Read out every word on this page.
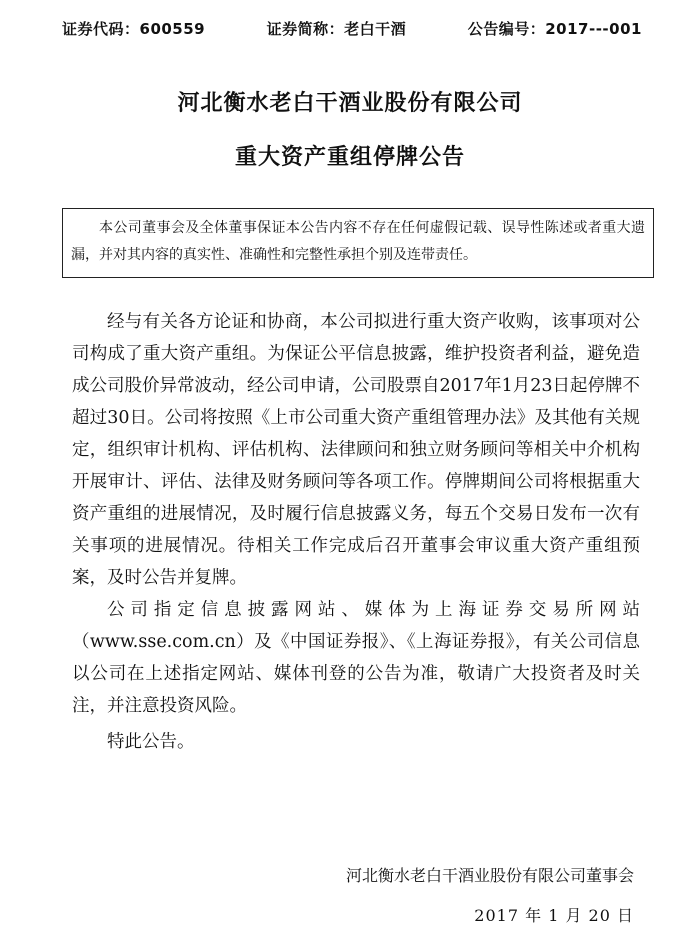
证券代码：600559	证券简称：老白干酒	公告编号：2017---001
河北衡水老白干酒业股份有限公司
重大资产重组停牌公告
本公司董事会及全体董事保证本公告内容不存在任何虚假记载、误导性陈述或者重大遗漏，并对其内容的真实性、准确性和完整性承担个别及连带责任。

经与有关各方论证和协商，本公司拟进行重大资产收购，该事项对公司构成了重大资产重组。为保证公平信息披露，维护投资者利益，避免造成公司股价异常波动，经公司申请，公司股票自2017年1月23日起停牌不超过30日。公司将按照《上市公司重大资产重组管理办法》及其他有关规定，组织审计机构、评估机构、法律顾问和独立财务顾问等相关中介机构开展审计、评估、法律及财务顾问等各项工作。停牌期间公司将根据重大资产重组的进展情况，及时履行信息披露义务，每五个交易日发布一次有关事项的进展情况。待相关工作完成后召开董事会审议重大资产重组预案，及时公告并复牌。

公司指定信息披露网站、媒体为上海证券交易所网站（www.sse.com.cn）及《中国证券报》、《上海证券报》，有关公司信息以公司在上述指定网站、媒体刊登的公告为准，敬请广大投资者及时关注，并注意投资风险。

特此公告。

河北衡水老白干酒业股份有限公司董事会
2017 年 1 月 20 日
